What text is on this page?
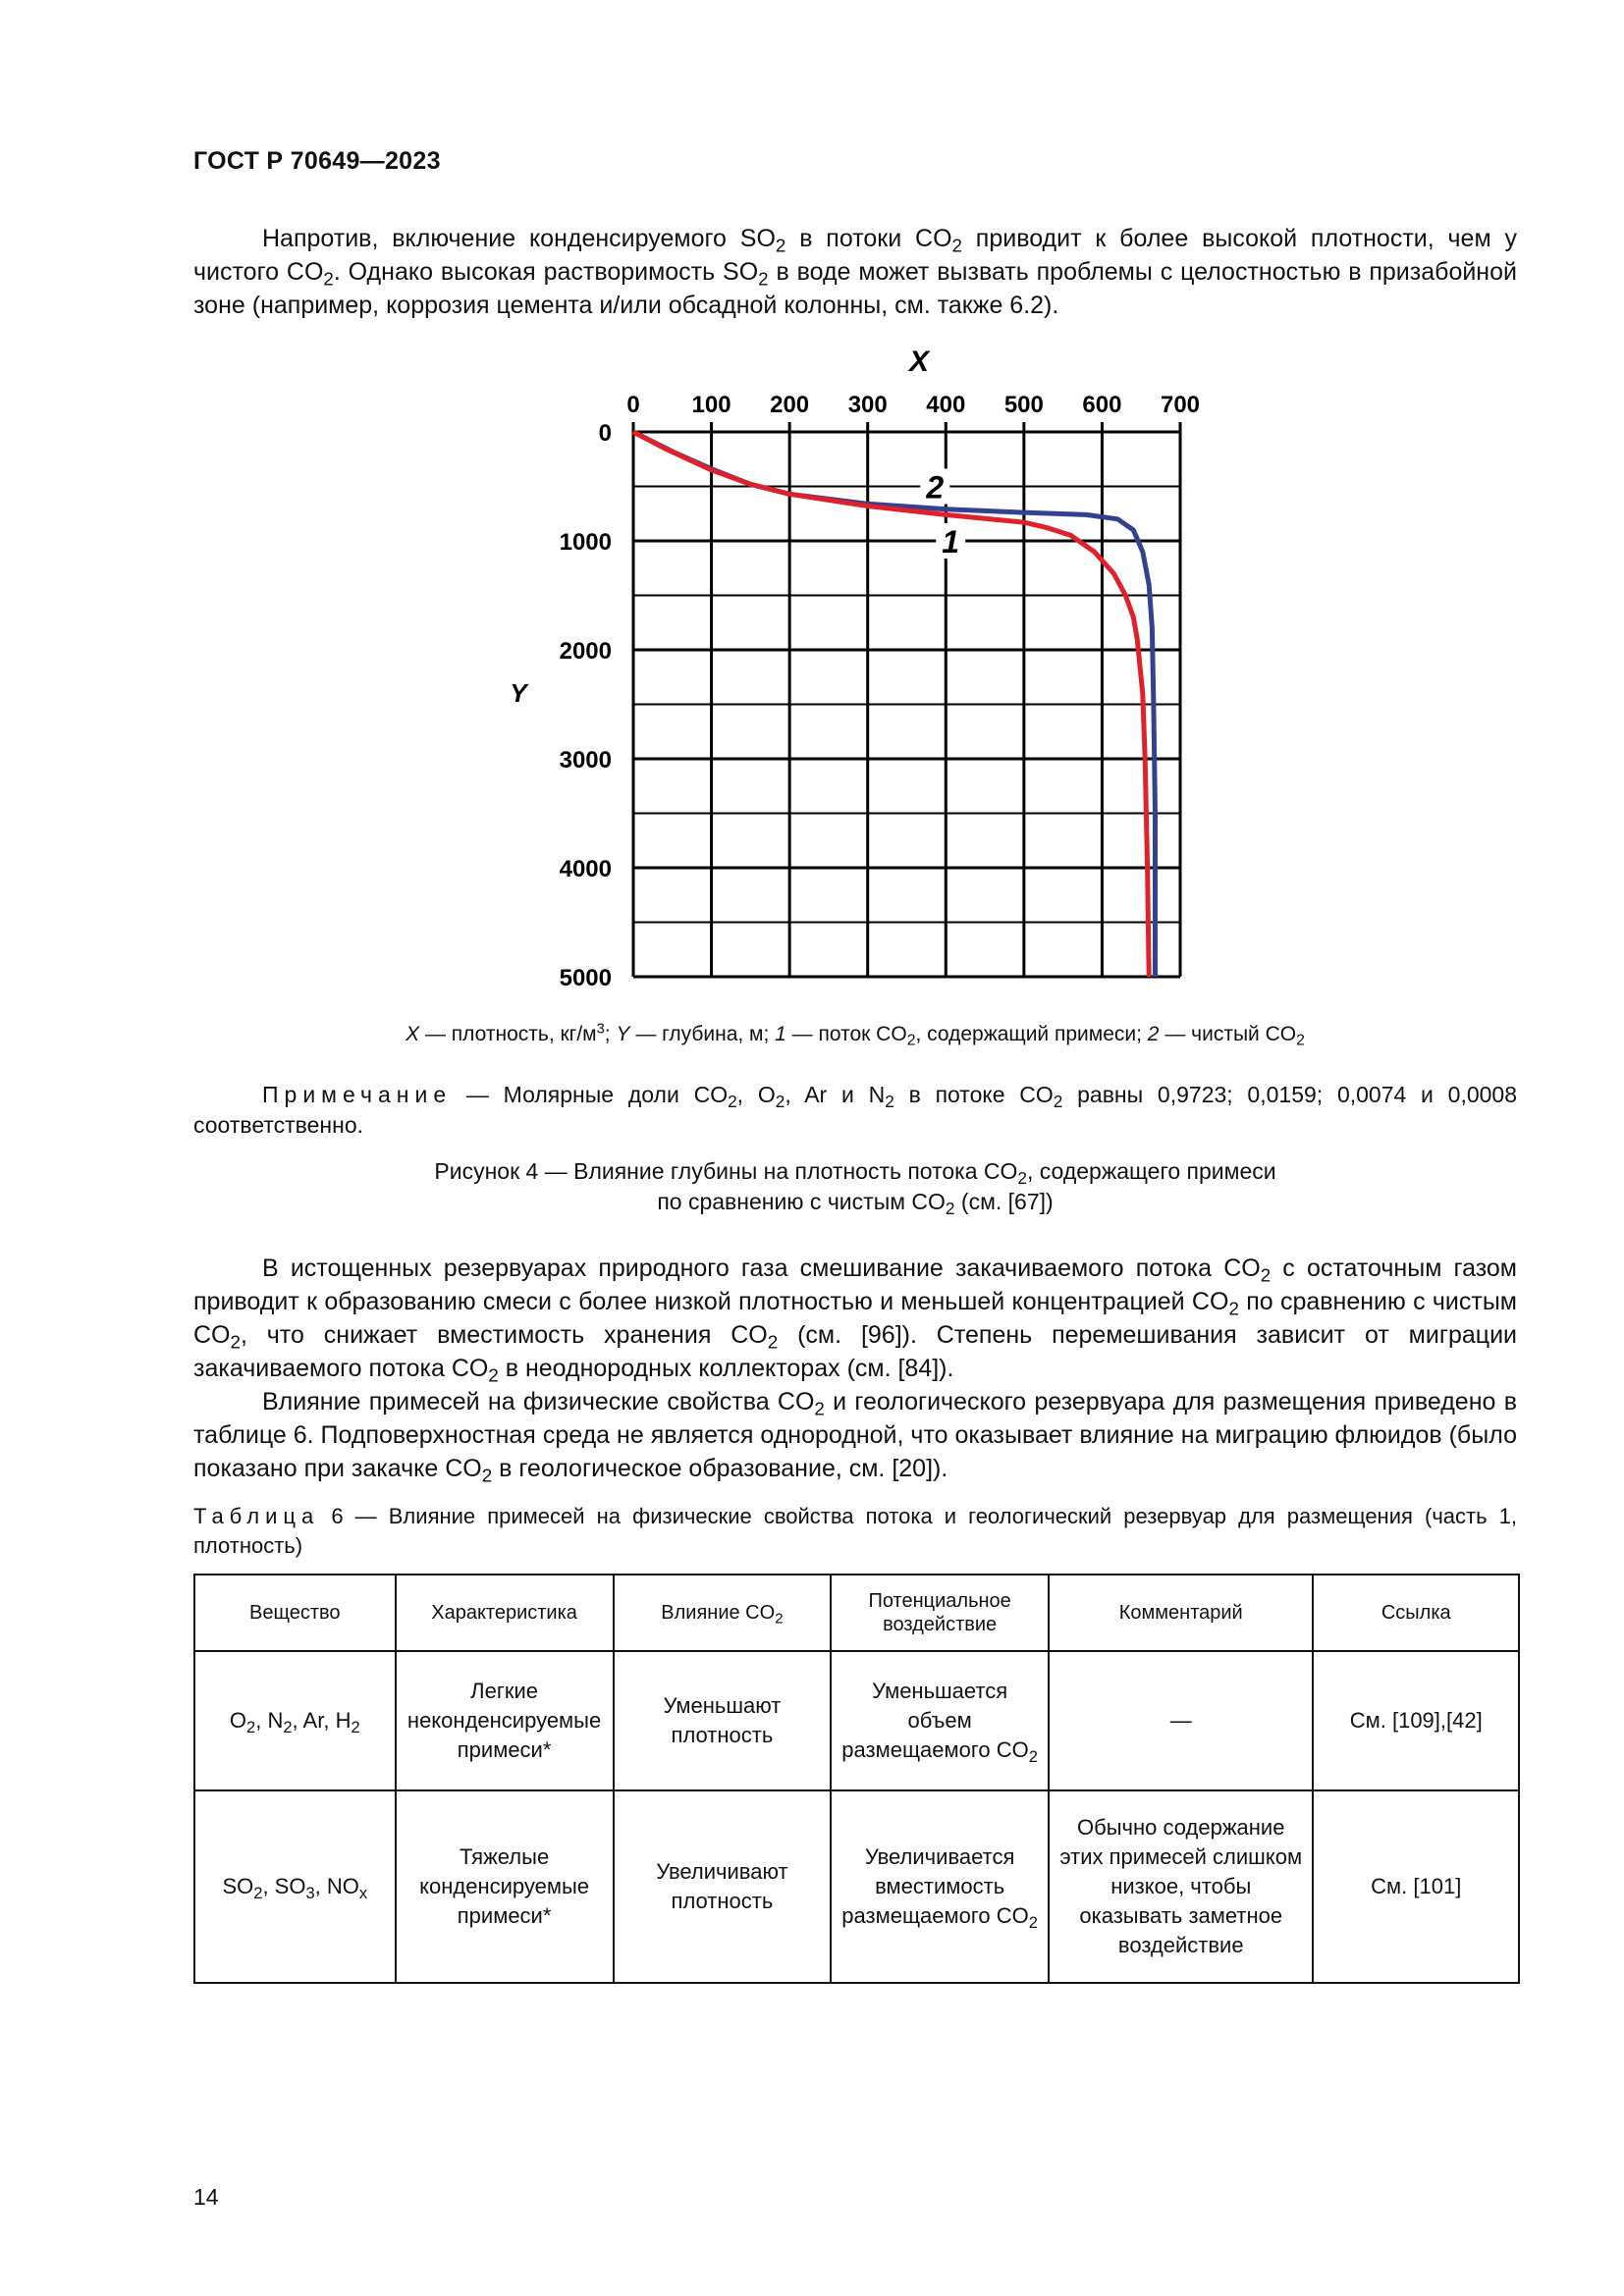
ГОСТ Р 70649—2023

Напротив, включение конденсируемого $SO_2$ в потоки $CO_2$ приводит к более высокой плотности, чем у чистого $CO_2$. Однако высокая растворимость $SO_2$ в воде может вызвать проблемы с целостностью в призабойной зоне (например, коррозия цемента и/или обсадной колонны, см. также 6.2).

0 100 200 300 400 500 600 700
0
1000
2000
3000
4000
5000
X
Y
2
1
X — плотность, $кг/м^3$; Y — глубина, м; 1 — поток $CO_2$, содержащий примеси; 2 — чистый $CO_2$
Примечание — Молярные доли $CO_2$, $O_2$, Ar и $N_2$ в потоке $CO_2$ равны 0,9723; 0,0159; 0,0074 и 0,0008 соответственно.
Рисунок 4 — Влияние глубины на плотность потока $CO_2$, содержащего примеси
по сравнению с чистым $CO_2$ (см. [67])

В истощенных резервуарах природного газа смешивание закачиваемого потока $CO_2$ с остаточным газом приводит к образованию смеси с более низкой плотностью и меньшей концентрацией $CO_2$ по сравнению с чистым $CO_2$, что снижает вместимость хранения $CO_2$ (см. [96]). Степень перемешивания зависит от миграции закачиваемого потока $CO_2$ в неоднородных коллекторах (см. [84]).

Влияние примесей на физические свойства $CO_2$ и геологического резервуара для размещения приведено в таблице 6. Подповерхностная среда не является однородной, что оказывает влияние на миграцию флюидов (было показано при закачке $CO_2$ в геологическое образование, см. [20]).

Таблица 6 — Влияние примесей на физические свойства потока и геологический резервуар для размещения (часть 1, плотность)
Вещество	Характеристика	Влияние $CO_2$	Потенциальное воздействие	Комментарий	Ссылка
$O_2$, $N_2$, Ar, $H_2$	Легкие неконденсируемые примеси*	Уменьшают плотность	Уменьшается объем размещаемого $CO_2$	—	См. [109],[42]
$SO_2$, $SO_3$, $NO_x$	Тяжелые конденсируемые примеси*	Увеличивают плотность	Увеличивается вместимость размещаемого $CO_2$	Обычно содержание этих примесей слишком низкое, чтобы оказывать заметное воздействие	См. [101]
14
